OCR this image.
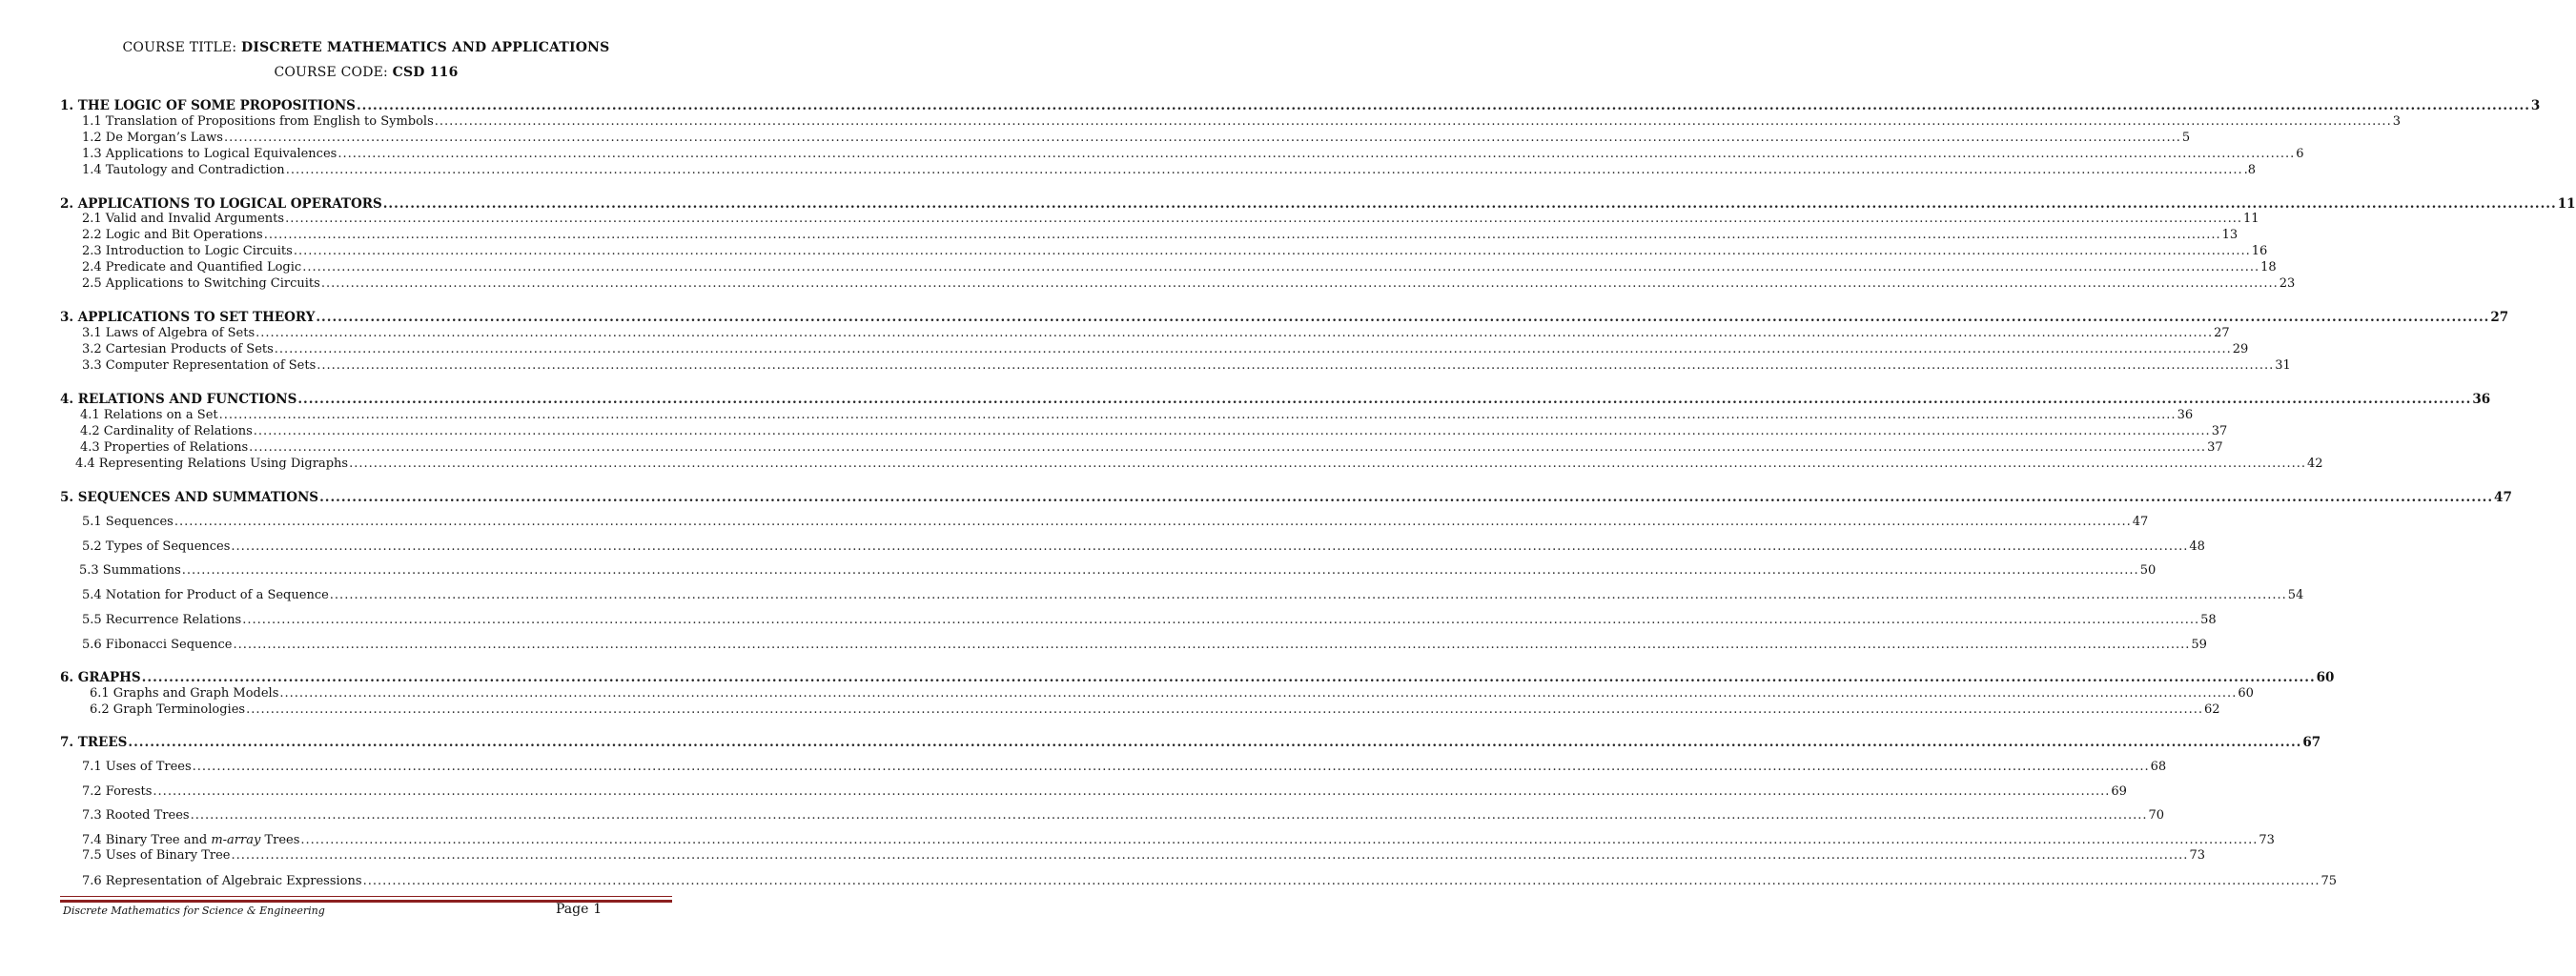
COURSE TITLE: DISCRETE MATHEMATICS AND APPLICATIONS
COURSE CODE: CSD 116
1. THE LOGIC OF SOME PROPOSITIONS ................................................................................................................................................................................................................................................................................................................................................................................................................ 3
1.1 Translation of Propositions from English to Symbols ................................................................................................................................................................................................................................................................................................................................................................................................................ 3
1.2 De Morgan’s Laws ................................................................................................................................................................................................................................................................................................................................................................................................................ 5
1.3 Applications to Logical Equivalences ................................................................................................................................................................................................................................................................................................................................................................................................................ 6
1.4 Tautology and Contradiction ................................................................................................................................................................................................................................................................................................................................................................................................................ .8
2. APPLICATIONS TO LOGICAL OPERATORS ................................................................................................................................................................................................................................................................................................................................................................................................................ 11
2.1 Valid and Invalid Arguments ................................................................................................................................................................................................................................................................................................................................................................................................................ 11
2.2 Logic and Bit Operations ................................................................................................................................................................................................................................................................................................................................................................................................................ 13
2.3 Introduction to Logic Circuits ................................................................................................................................................................................................................................................................................................................................................................................................................ 16
2.4 Predicate and Quantified Logic ................................................................................................................................................................................................................................................................................................................................................................................................................ 18
2.5 Applications to Switching Circuits ................................................................................................................................................................................................................................................................................................................................................................................................................ 23
3. APPLICATIONS TO SET THEORY ................................................................................................................................................................................................................................................................................................................................................................................................................ 27
3.1 Laws of Algebra of Sets ................................................................................................................................................................................................................................................................................................................................................................................................................ 27
3.2 Cartesian Products of Sets ................................................................................................................................................................................................................................................................................................................................................................................................................ 29
3.3 Computer Representation of Sets ................................................................................................................................................................................................................................................................................................................................................................................................................ 31
4. RELATIONS AND FUNCTIONS ................................................................................................................................................................................................................................................................................................................................................................................................................ 36
4.1 Relations on a Set ................................................................................................................................................................................................................................................................................................................................................................................................................ 36
4.2 Cardinality of Relations ................................................................................................................................................................................................................................................................................................................................................................................................................ 37
4.3 Properties of Relations ................................................................................................................................................................................................................................................................................................................................................................................................................ 37
4.4 Representing Relations Using Digraphs ................................................................................................................................................................................................................................................................................................................................................................................................................ 42
5. SEQUENCES AND SUMMATIONS ................................................................................................................................................................................................................................................................................................................................................................................................................ 47
5.1 Sequences ................................................................................................................................................................................................................................................................................................................................................................................................................ 47
5.2 Types of Sequences ................................................................................................................................................................................................................................................................................................................................................................................................................ 48
5.3 Summations ................................................................................................................................................................................................................................................................................................................................................................................................................ 50
5.4 Notation for Product of a Sequence ................................................................................................................................................................................................................................................................................................................................................................................................................ 54
5.5 Recurrence Relations ................................................................................................................................................................................................................................................................................................................................................................................................................ 58
5.6 Fibonacci Sequence ................................................................................................................................................................................................................................................................................................................................................................................................................ 59
6. GRAPHS ................................................................................................................................................................................................................................................................................................................................................................................................................ 60
6.1 Graphs and Graph Models ................................................................................................................................................................................................................................................................................................................................................................................................................ 60
6.2 Graph Terminologies ................................................................................................................................................................................................................................................................................................................................................................................................................ 62
7. TREES ................................................................................................................................................................................................................................................................................................................................................................................................................ 67
7.1 Uses of Trees ................................................................................................................................................................................................................................................................................................................................................................................................................ 68
7.2 Forests ................................................................................................................................................................................................................................................................................................................................................................................................................ 69
7.3 Rooted Trees ................................................................................................................................................................................................................................................................................................................................................................................................................ 70
7.4 Binary Tree and m-array Trees ................................................................................................................................................................................................................................................................................................................................................................................................................ 73
7.5 Uses of Binary Tree ................................................................................................................................................................................................................................................................................................................................................................................................................ 73
7.6 Representation of Algebraic Expressions ................................................................................................................................................................................................................................................................................................................................................................................................................ 75
Discrete Mathematics for Science & Engineering	Page 1
